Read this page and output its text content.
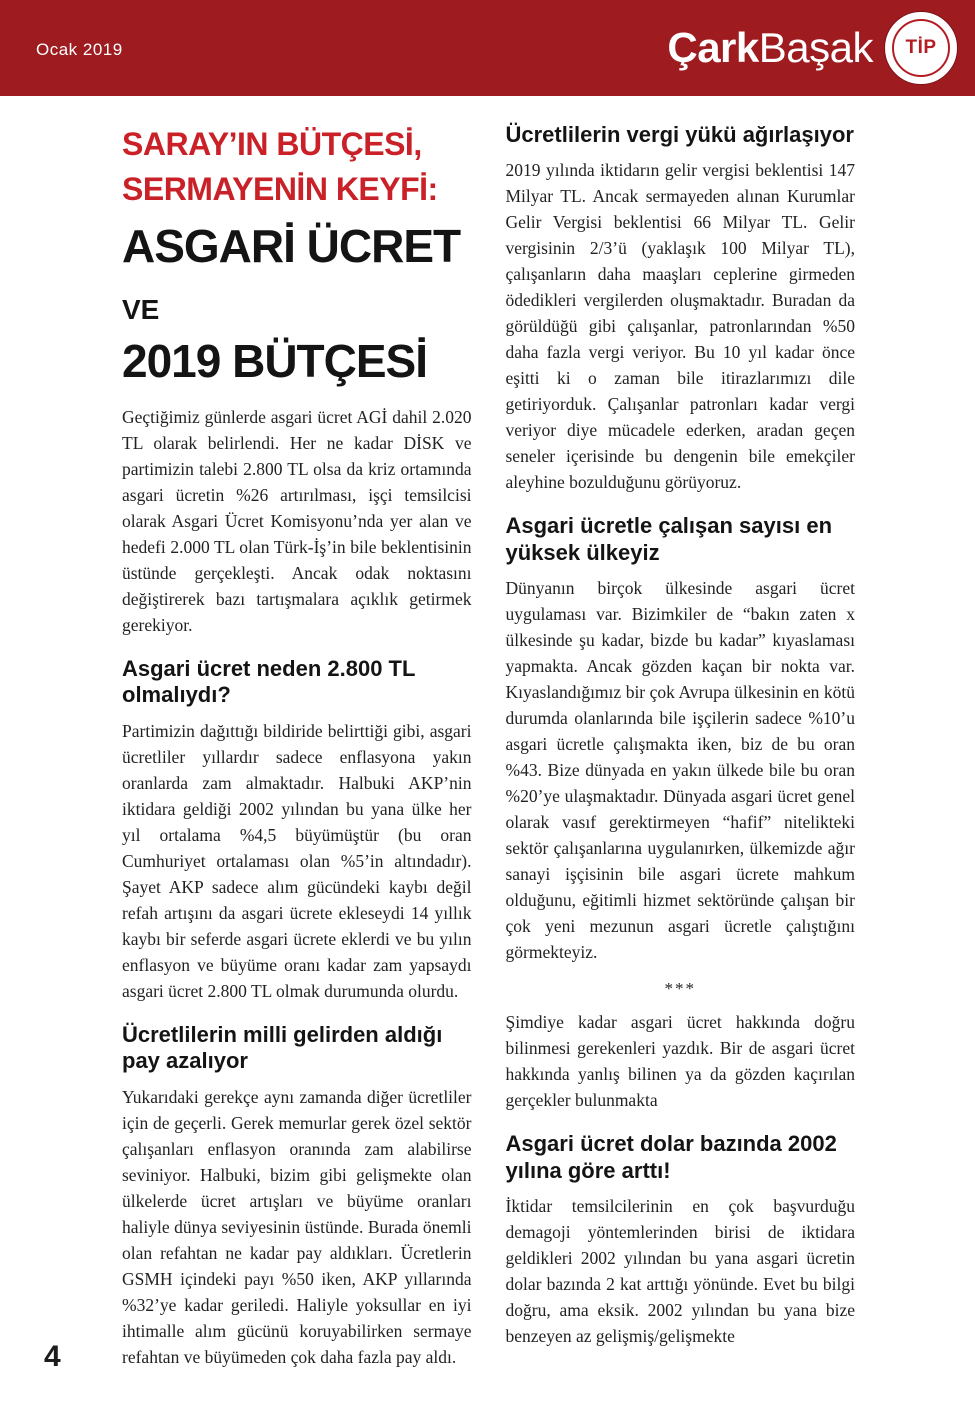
Ocak 2019	ÇarkBaşak	TİP
SARAY’IN BÜTÇESİ,
SERMAYENİN KEYFİ:
ASGARİ ÜCRET VE
2019 BÜTÇESİ

Geçtiğimiz günlerde asgari ücret AGİ dahil 2.020 TL olarak belirlendi. Her ne kadar DİSK ve partimizin talebi 2.800 TL olsa da kriz ortamında asgari ücretin %26 artırılması, işçi temsilcisi olarak Asgari Ücret Komisyonu’nda yer alan ve hedefi 2.000 TL olan Türk-İş’in bile beklentisinin üstünde gerçekleşti. Ancak odak noktasını değiştirerek bazı tartışmalara açıklık getirmek gerekiyor.

Asgari ücret neden 2.800 TL olmalıydı?

Partimizin dağıttığı bildiride belirttiği gibi, asgari ücretliler yıllardır sadece enflasyona yakın oranlarda zam almaktadır. Halbuki AKP’nin iktidara geldiği 2002 yılından bu yana ülke her yıl ortalama %4,5 büyümüştür (bu oran Cumhuriyet ortalaması olan %5’in altındadır). Şayet AKP sadece alım gücündeki kaybı değil refah artışını da asgari ücrete ekleseydi 14 yıllık kaybı bir seferde asgari ücrete eklerdi ve bu yılın enflasyon ve büyüme oranı kadar zam yapsaydı asgari ücret 2.800 TL olmak durumunda olurdu.

Ücretlilerin milli gelirden aldığı pay azalıyor

Yukarıdaki gerekçe aynı zamanda diğer ücretliler için de geçerli. Gerek memurlar gerek özel sektör çalışanları enflasyon oranında zam alabilirse seviniyor. Halbuki, bizim gibi gelişmekte olan ülkelerde ücret artışları ve büyüme oranları haliyle dünya seviyesinin üstünde. Burada önemli olan refahtan ne kadar pay aldıkları. Ücretlerin GSMH içindeki payı %50 iken, AKP yıllarında %32’ye kadar geriledi. Haliyle yoksullar en iyi ihtimalle alım gücünü koruyabilirken sermaye refahtan ve büyümeden çok daha fazla pay aldı.

Ücretlilerin vergi yükü ağırlaşıyor

2019 yılında iktidarın gelir vergisi beklentisi 147 Milyar TL. Ancak sermayeden alınan Kurumlar Gelir Vergisi beklentisi 66 Milyar TL. Gelir vergisinin 2/3’ü (yaklaşık 100 Milyar TL), çalışanların daha maaşları ceplerine girmeden ödedikleri vergilerden oluşmaktadır. Buradan da görüldüğü gibi çalışanlar, patronlarından %50 daha fazla vergi veriyor. Bu 10 yıl kadar önce eşitti ki o zaman bile itirazlarımızı dile getiriyorduk. Çalışanlar patronları kadar vergi veriyor diye mücadele ederken, aradan geçen seneler içerisinde bu dengenin bile emekçiler aleyhine bozulduğunu görüyoruz.

Asgari ücretle çalışan sayısı en yüksek ülkeyiz

Dünyanın birçok ülkesinde asgari ücret uygulaması var. Bizimkiler de “bakın zaten x ülkesinde şu kadar, bizde bu kadar” kıyaslaması yapmakta. Ancak gözden kaçan bir nokta var. Kıyaslandığımız bir çok Avrupa ülkesinin en kötü durumda olanlarında bile işçilerin sadece %10’u asgari ücretle çalışmakta iken, biz de bu oran %43. Bize dünyada en yakın ülkede bile bu oran %20’ye ulaşmaktadır. Dünyada asgari ücret genel olarak vasıf gerektirmeyen “hafif” nitelikteki sektör çalışanlarına uygulanırken, ülkemizde ağır sanayi işçisinin bile asgari ücrete mahkum olduğunu, eğitimli hizmet sektöründe çalışan bir çok yeni mezunun asgari ücretle çalıştığını görmekteyiz.

***

Şimdiye kadar asgari ücret hakkında doğru bilinmesi gerekenleri yazdık. Bir de asgari ücret hakkında yanlış bilinen ya da gözden kaçırılan gerçekler bulunmakta

Asgari ücret dolar bazında 2002 yılına göre arttı!

İktidar temsilcilerinin en çok başvurduğu demagoji yöntemlerinden birisi de iktidara geldikleri 2002 yılından bu yana asgari ücretin dolar bazında 2 kat arttığı yönünde. Evet bu bilgi doğru, ama eksik. 2002 yılından bu yana bize benzeyen az gelişmiş/gelişmekte

4
